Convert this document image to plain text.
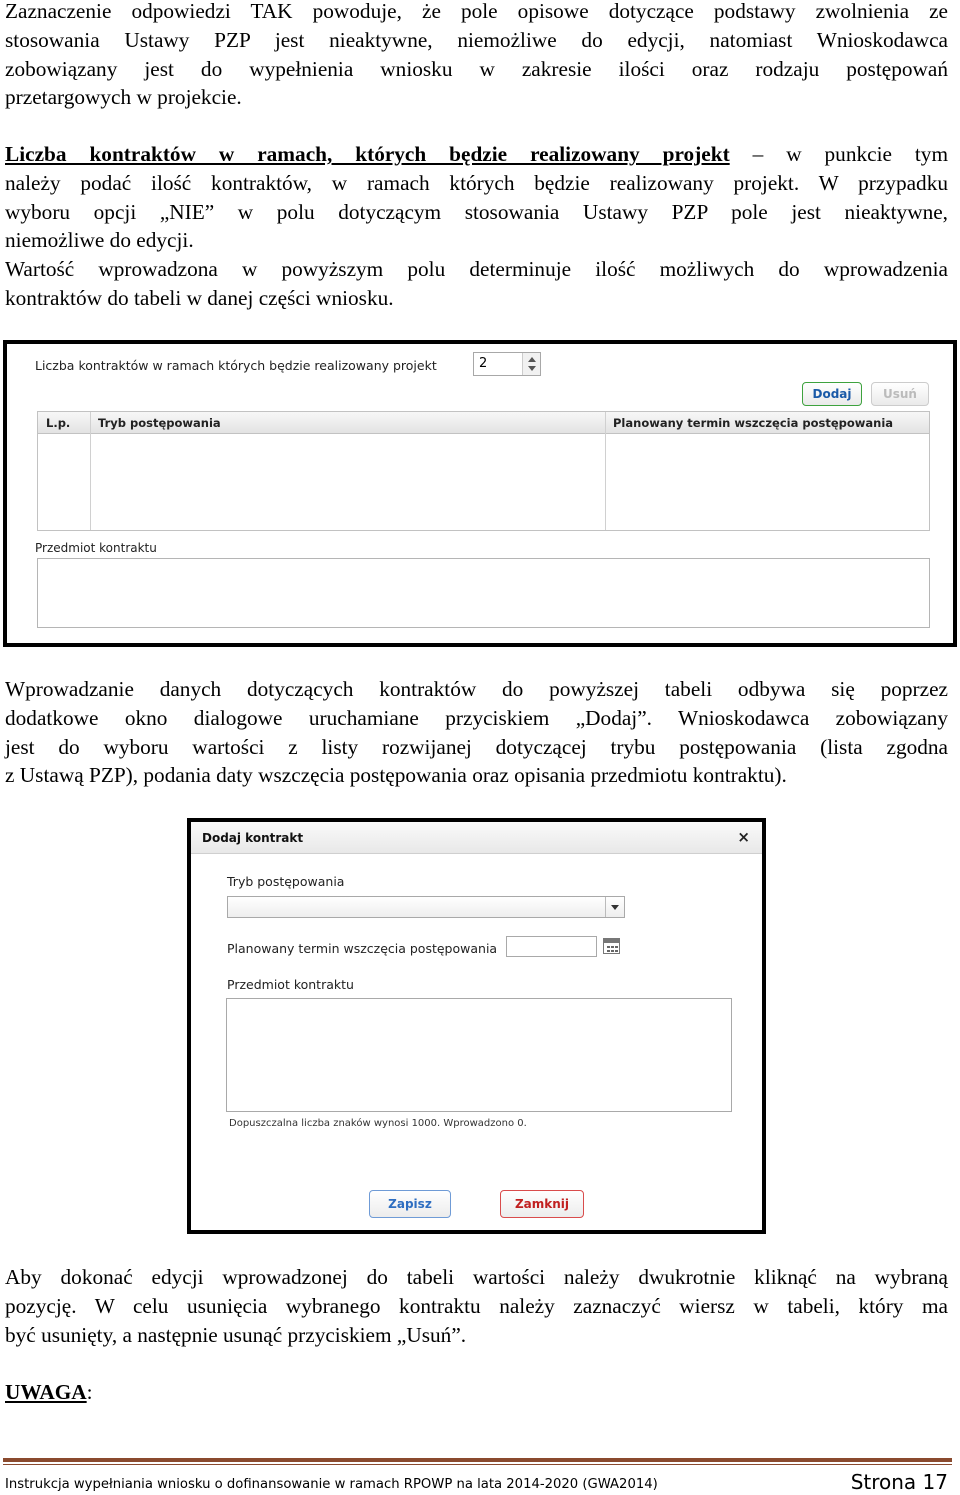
Zaznaczenie odpowiedzi TAK powoduje, że pole opisowe dotyczące podstawy zwolnienia ze
stosowania Ustawy PZP jest nieaktywne, niemożliwe do edycji, natomiast Wnioskodawca
zobowiązany jest do wypełnienia wniosku w zakresie ilości oraz rodzaju postępowań
przetargowych w projekcie.
Liczba kontraktów w ramach, których będzie realizowany projekt – w punkcie tym
należy podać ilość kontraktów, w ramach których będzie realizowany projekt. W przypadku
wyboru opcji „NIE” w polu dotyczącym stosowania Ustawy PZP pole jest nieaktywne,
niemożliwe do edycji.
Wartość wprowadzona w powyższym polu determinuje ilość możliwych do wprowadzenia
kontraktów do tabeli w danej części wniosku.
Liczba kontraktów w ramach których będzie realizowany projekt	2
Dodaj	Usuń
L.p. Tryb postępowania	Planowany termin wszczęcia postępowania
Przedmiot kontraktu
Wprowadzanie danych dotyczących kontraktów do powyższej tabeli odbywa się poprzez
dodatkowe okno dialogowe uruchamiane przyciskiem „Dodaj”. Wnioskodawca zobowiązany
jest do wyboru wartości z listy rozwijanej dotyczącej trybu postępowania (lista zgodna
z Ustawą PZP), podania daty wszczęcia postępowania oraz opisania przedmiotu kontraktu).
Dodaj kontrakt	×
Tryb postępowania
Planowany termin wszczęcia postępowania
Przedmiot kontraktu
Dopuszczalna liczba znaków wynosi 1000. Wprowadzono 0.
Zapisz	Zamknij
Aby dokonać edycji wprowadzonej do tabeli wartości należy dwukrotnie kliknąć na wybraną
pozycję. W celu usunięcia wybranego kontraktu należy zaznaczyć wiersz w tabeli, który ma
być usunięty, a następnie usunąć przyciskiem „Usuń”.
UWAGA:
Instrukcja wypełniania wniosku o dofinansowanie w ramach RPOWP na lata 2014-2020 (GWA2014)	Strona 17
